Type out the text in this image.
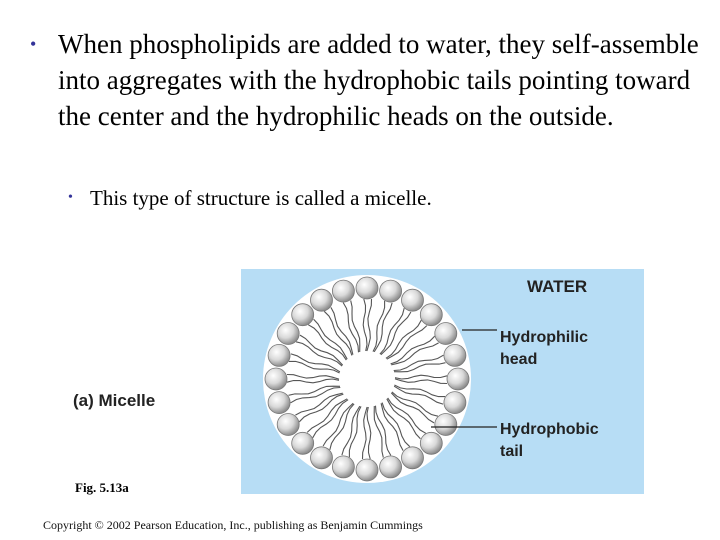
• When phospholipids are added to water, they self-assemble into aggregates with the hydrophobic tails pointing toward the center and the hydrophilic heads on the outside.
• This type of structure is called a micelle.
(a) Micelle
WATER
Hydrophilic
head
Hydrophobic
tail
Fig. 5.13a
Copyright © 2002 Pearson Education, Inc., publishing as Benjamin Cummings
